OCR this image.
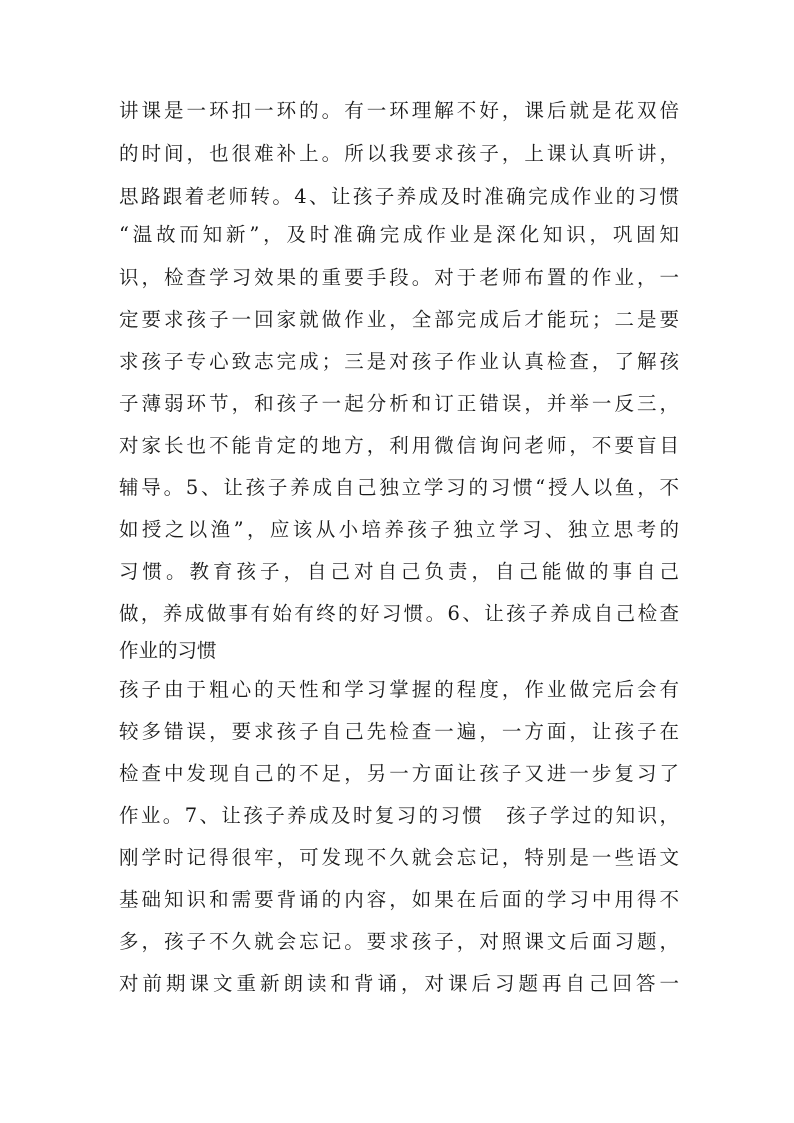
讲课是一环扣一环的。有一环理解不好，课后就是花双倍
的时间，也很难补上。所以我要求孩子，上课认真听讲，
思路跟着老师转。4、让孩子养成及时准确完成作业的习惯
“温故而知新”，及时准确完成作业是深化知识，巩固知
识，检查学习效果的重要手段。对于老师布置的作业，一
定要求孩子一回家就做作业，全部完成后才能玩；二是要
求孩子专心致志完成；三是对孩子作业认真检查，了解孩
子薄弱环节，和孩子一起分析和订正错误，并举一反三，
对家长也不能肯定的地方，利用微信询问老师，不要盲目
辅导。5、让孩子养成自己独立学习的习惯“授人以鱼，不
如授之以渔”，应该从小培养孩子独立学习、独立思考的
习惯。教育孩子，自己对自己负责，自己能做的事自己
做，养成做事有始有终的好习惯。6、让孩子养成自己检查
作业的习惯
孩子由于粗心的天性和学习掌握的程度，作业做完后会有
较多错误，要求孩子自己先检查一遍，一方面，让孩子在
检查中发现自己的不足，另一方面让孩子又进一步复习了
作业。7、让孩子养成及时复习的习惯　孩子学过的知识，
刚学时记得很牢，可发现不久就会忘记，特别是一些语文
基础知识和需要背诵的内容，如果在后面的学习中用得不
多，孩子不久就会忘记。要求孩子，对照课文后面习题，
对前期课文重新朗读和背诵，对课后习题再自己回答一
